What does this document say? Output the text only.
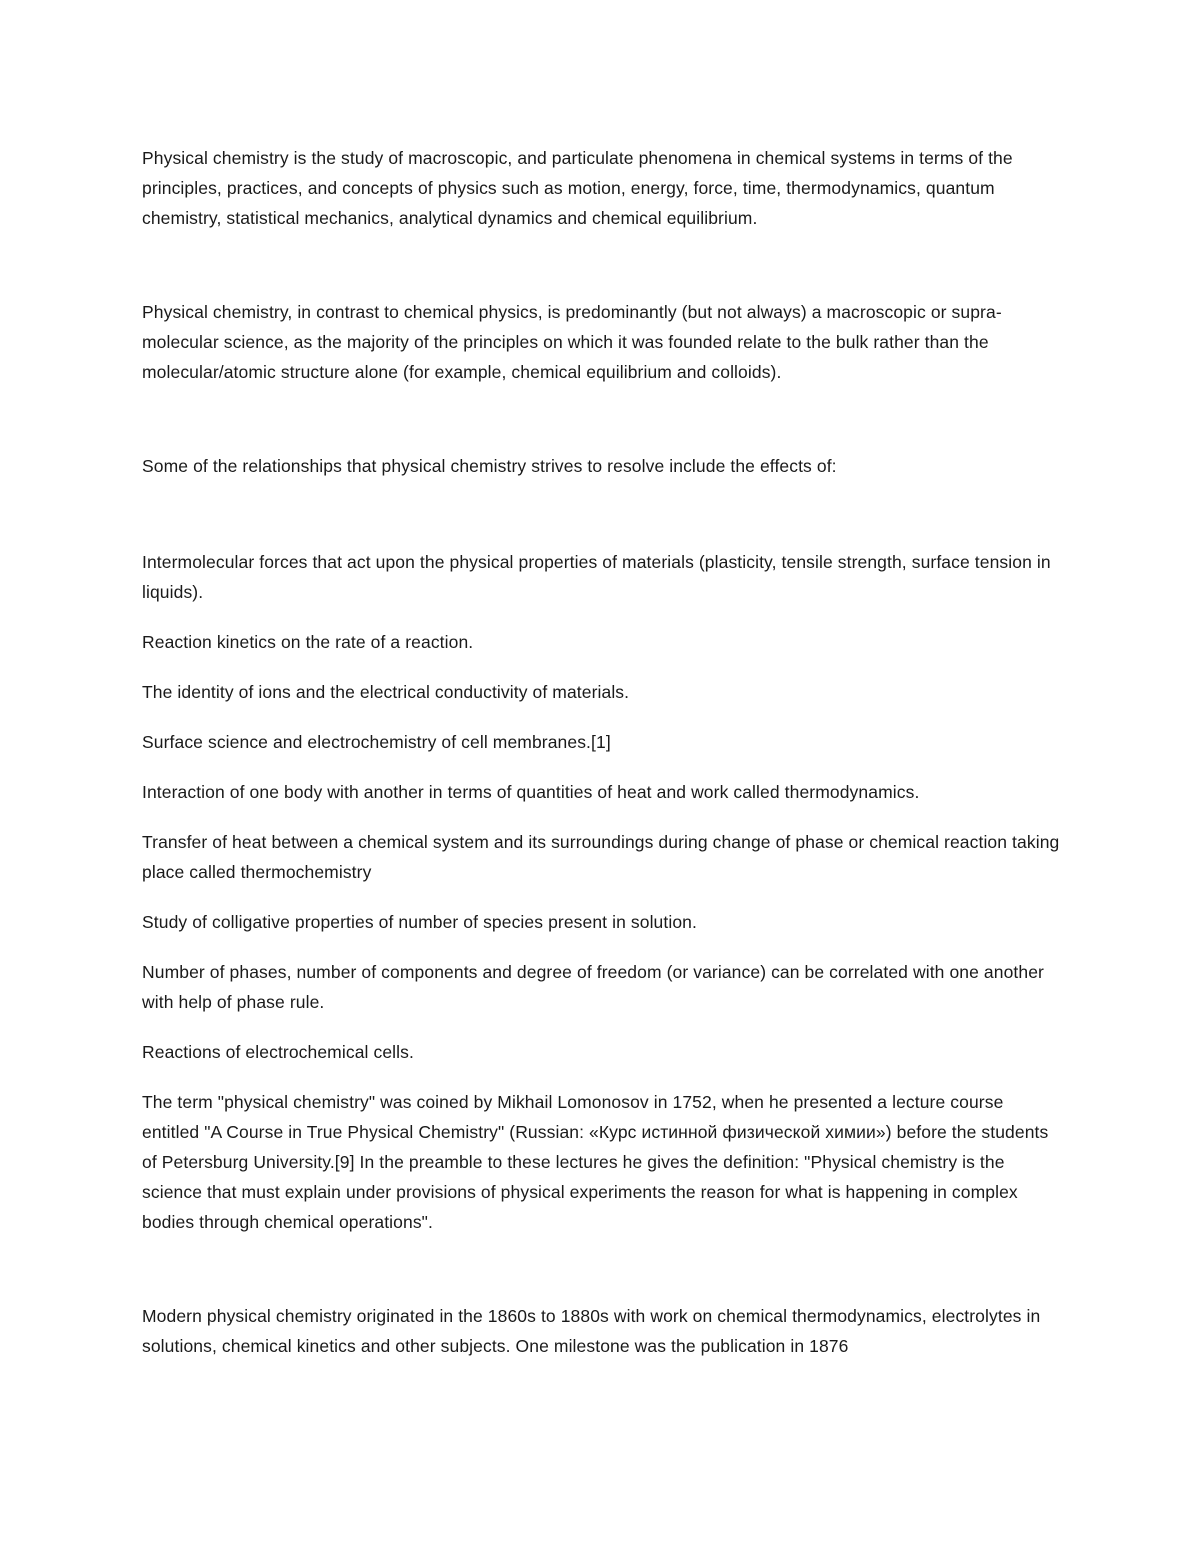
Physical chemistry is the study of macroscopic, and particulate phenomena in chemical systems in terms of the principles, practices, and concepts of physics such as motion, energy, force, time, thermodynamics, quantum chemistry, statistical mechanics, analytical dynamics and chemical equilibrium.

Physical chemistry, in contrast to chemical physics, is predominantly (but not always) a macroscopic or supra-molecular science, as the majority of the principles on which it was founded relate to the bulk rather than the molecular/atomic structure alone (for example, chemical equilibrium and colloids).

Some of the relationships that physical chemistry strives to resolve include the effects of:

Intermolecular forces that act upon the physical properties of materials (plasticity, tensile strength, surface tension in liquids).

Reaction kinetics on the rate of a reaction.

The identity of ions and the electrical conductivity of materials.

Surface science and electrochemistry of cell membranes.[1]

Interaction of one body with another in terms of quantities of heat and work called thermodynamics.

Transfer of heat between a chemical system and its surroundings during change of phase or chemical reaction taking place called thermochemistry

Study of colligative properties of number of species present in solution.

Number of phases, number of components and degree of freedom (or variance) can be correlated with one another with help of phase rule.

Reactions of electrochemical cells.

The term "physical chemistry" was coined by Mikhail Lomonosov in 1752, when he presented a lecture course entitled "A Course in True Physical Chemistry" (Russian: «Курс истинной физической химии») before the students of Petersburg University.[9] In the preamble to these lectures he gives the definition: "Physical chemistry is the science that must explain under provisions of physical experiments the reason for what is happening in complex bodies through chemical operations".

Modern physical chemistry originated in the 1860s to 1880s with work on chemical thermodynamics, electrolytes in solutions, chemical kinetics and other subjects. One milestone was the publication in 1876
